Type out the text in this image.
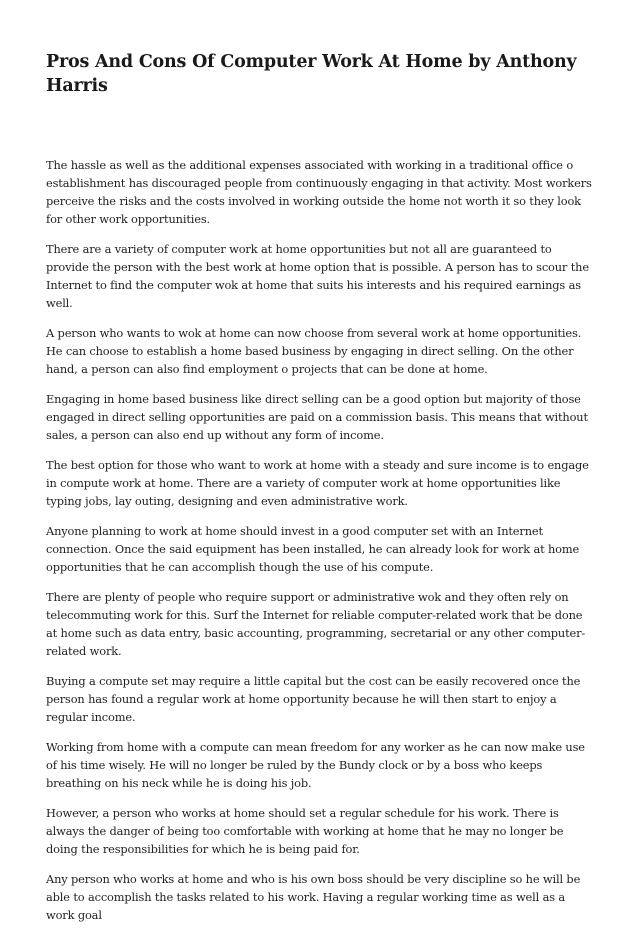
Pros And Cons Of Computer Work At Home by Anthony Harris

The hassle as well as the additional expenses associated with working in a traditional office o establishment has discouraged people from continuously engaging in that activity. Most workers perceive the risks and the costs involved in working outside the home not worth it so they look for other work opportunities.

There are a variety of computer work at home opportunities but not all are guaranteed to provide the person with the best work at home option that is possible. A person has to scour the Internet to find the computer wok at home that suits his interests and his required earnings as well.

A person who wants to wok at home can now choose from several work at home opportunities. He can choose to establish a home based business by engaging in direct selling. On the other hand, a person can also find employment o projects that can be done at home.

Engaging in home based business like direct selling can be a good option but majority of those engaged in direct selling opportunities are paid on a commission basis. This means that without sales, a person can also end up without any form of income.

The best option for those who want to work at home with a steady and sure income is to engage in compute work at home. There are a variety of computer work at home opportunities like typing jobs, lay outing, designing and even administrative work.

Anyone planning to work at home should invest in a good computer set with an Internet connection. Once the said equipment has been installed, he can already look for work at home opportunities that he can accomplish though the use of his compute.

There are plenty of people who require support or administrative wok and they often rely on telecommuting work for this. Surf the Internet for reliable computer-related work that be done at home such as data entry, basic accounting, programming, secretarial or any other computer-related work.

Buying a compute set may require a little capital but the cost can be easily recovered once the person has found a regular work at home opportunity because he will then start to enjoy a regular income.

Working from home with a compute can mean freedom for any worker as he can now make use of his time wisely. He will no longer be ruled by the Bundy clock or by a boss who keeps breathing on his neck while he is doing his job.

However, a person who works at home should set a regular schedule for his work. There is always the danger of being too comfortable with working at home that he may no longer be doing the responsibilities for which he is being paid for.

Any person who works at home and who is his own boss should be very discipline so he will be able to accomplish the tasks related to his work. Having a regular working time as well as a work goal
